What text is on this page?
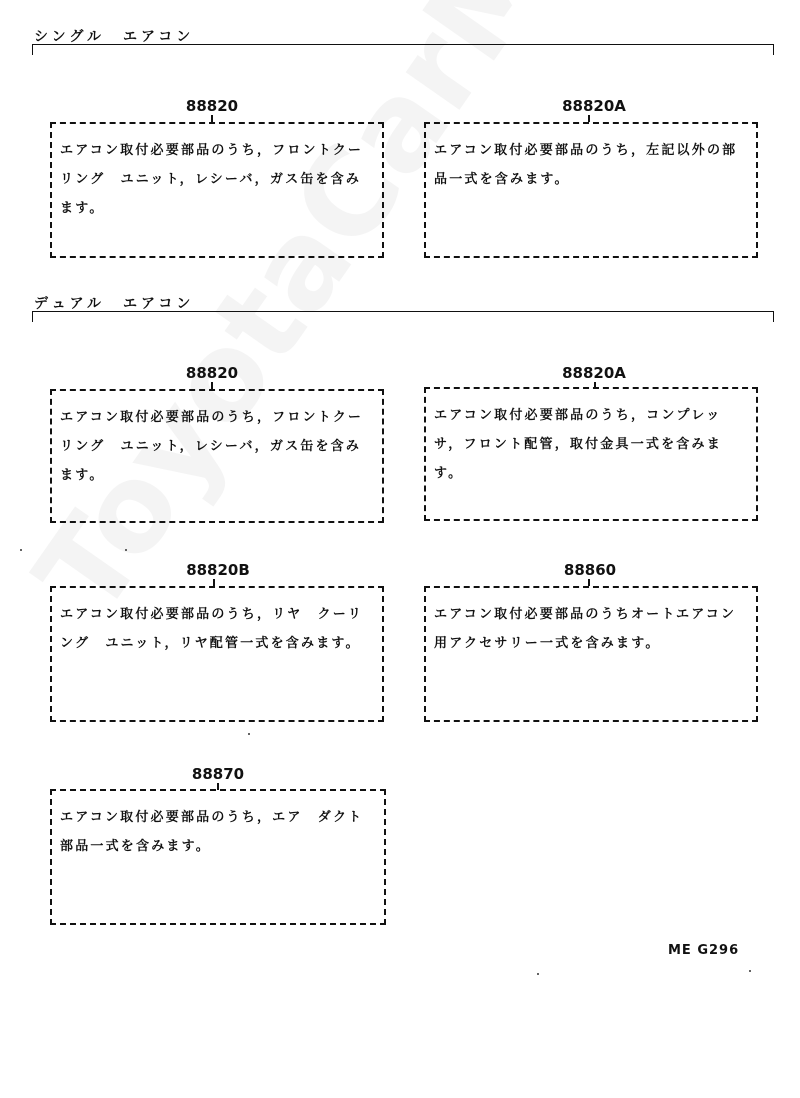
シングル　エアコン
88820

エアコン取付必要部品のうち，フロントクーリング　ユニット，レシーバ，ガス缶を含みます。

88820A

エアコン取付必要部品のうち，左記以外の部品一式を含みます。

デュアル　エアコン
88820

エアコン取付必要部品のうち，フロントクーリング　ユニット，レシーバ，ガス缶を含みます。

88820A

エアコン取付必要部品のうち，コンプレッサ，フロント配管，取付金具一式を含みます。

88820B

エアコン取付必要部品のうち，リヤ　クーリング　ユニット，リヤ配管一式を含みます。

88860

エアコン取付必要部品のうちオートエアコン用アクセサリー一式を含みます。

88870

エアコン取付必要部品のうち，エア　ダクト部品一式を含みます。

ME G296
